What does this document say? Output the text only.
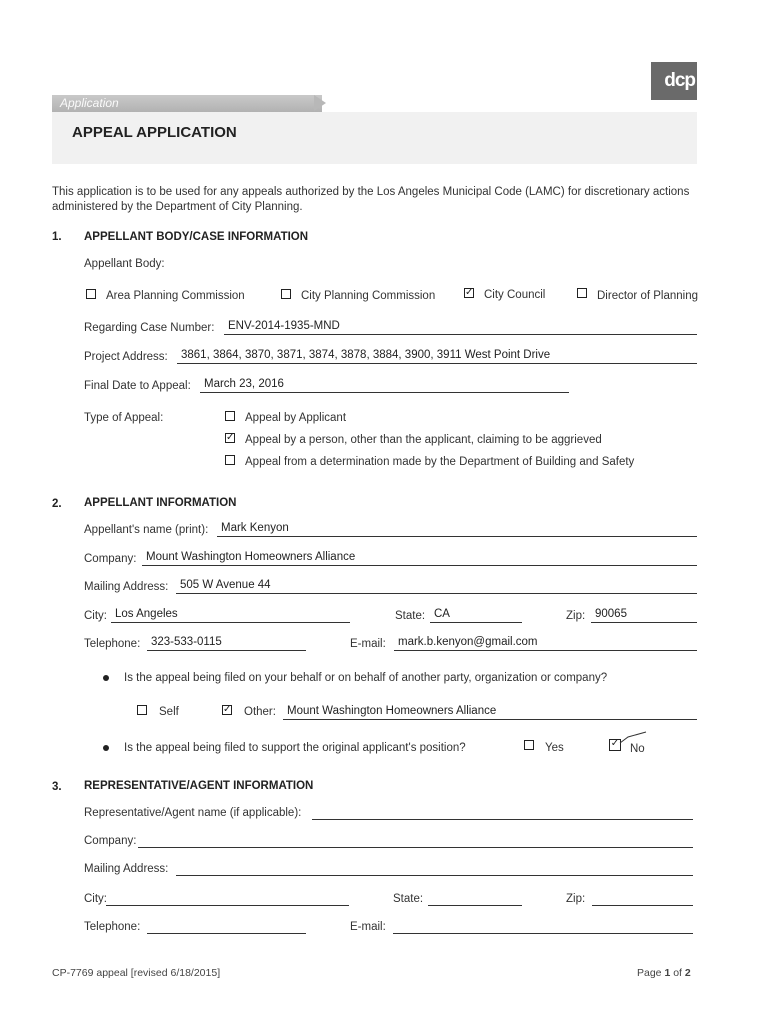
dcp
Application
APPEAL APPLICATION
This application is to be used for any appeals authorized by the Los Angeles Municipal Code (LAMC) for discretionary actions administered by the Department of City Planning.
1. APPELLANT BODY/CASE INFORMATION
Appellant Body:
Area Planning Commission	City Planning Commission	✓ City Council	Director of Planning
Regarding Case Number: ENV-2014-1935-MND
Project Address: 3861, 3864, 3870, 3871, 3874, 3878, 3884, 3900, 3911 West Point Drive
Final Date to Appeal: March 23, 2016
Type of Appeal:	Appeal by Applicant
✓ Appeal by a person, other than the applicant, claiming to be aggrieved
Appeal from a determination made by the Department of Building and Safety
2. APPELLANT INFORMATION
Appellant's name (print): Mark Kenyon
Company: Mount Washington Homeowners Alliance
Mailing Address: 505 W Avenue 44
City: Los Angeles	State: CA	Zip: 90065
Telephone: 323-533-0115	E-mail: mark.b.kenyon@gmail.com
Is the appeal being filed on your behalf or on behalf of another party, organization or company?
Self	✓ Other: Mount Washington Homeowners Alliance
Is the appeal being filed to support the original applicant's position?	Yes	✓ No
3. REPRESENTATIVE/AGENT INFORMATION
Representative/Agent name (if applicable):
Company:
Mailing Address:
City:	State:	Zip:
Telephone:	E-mail:
CP-7769 appeal [revised 6/18/2015]	Page 1 of 2
